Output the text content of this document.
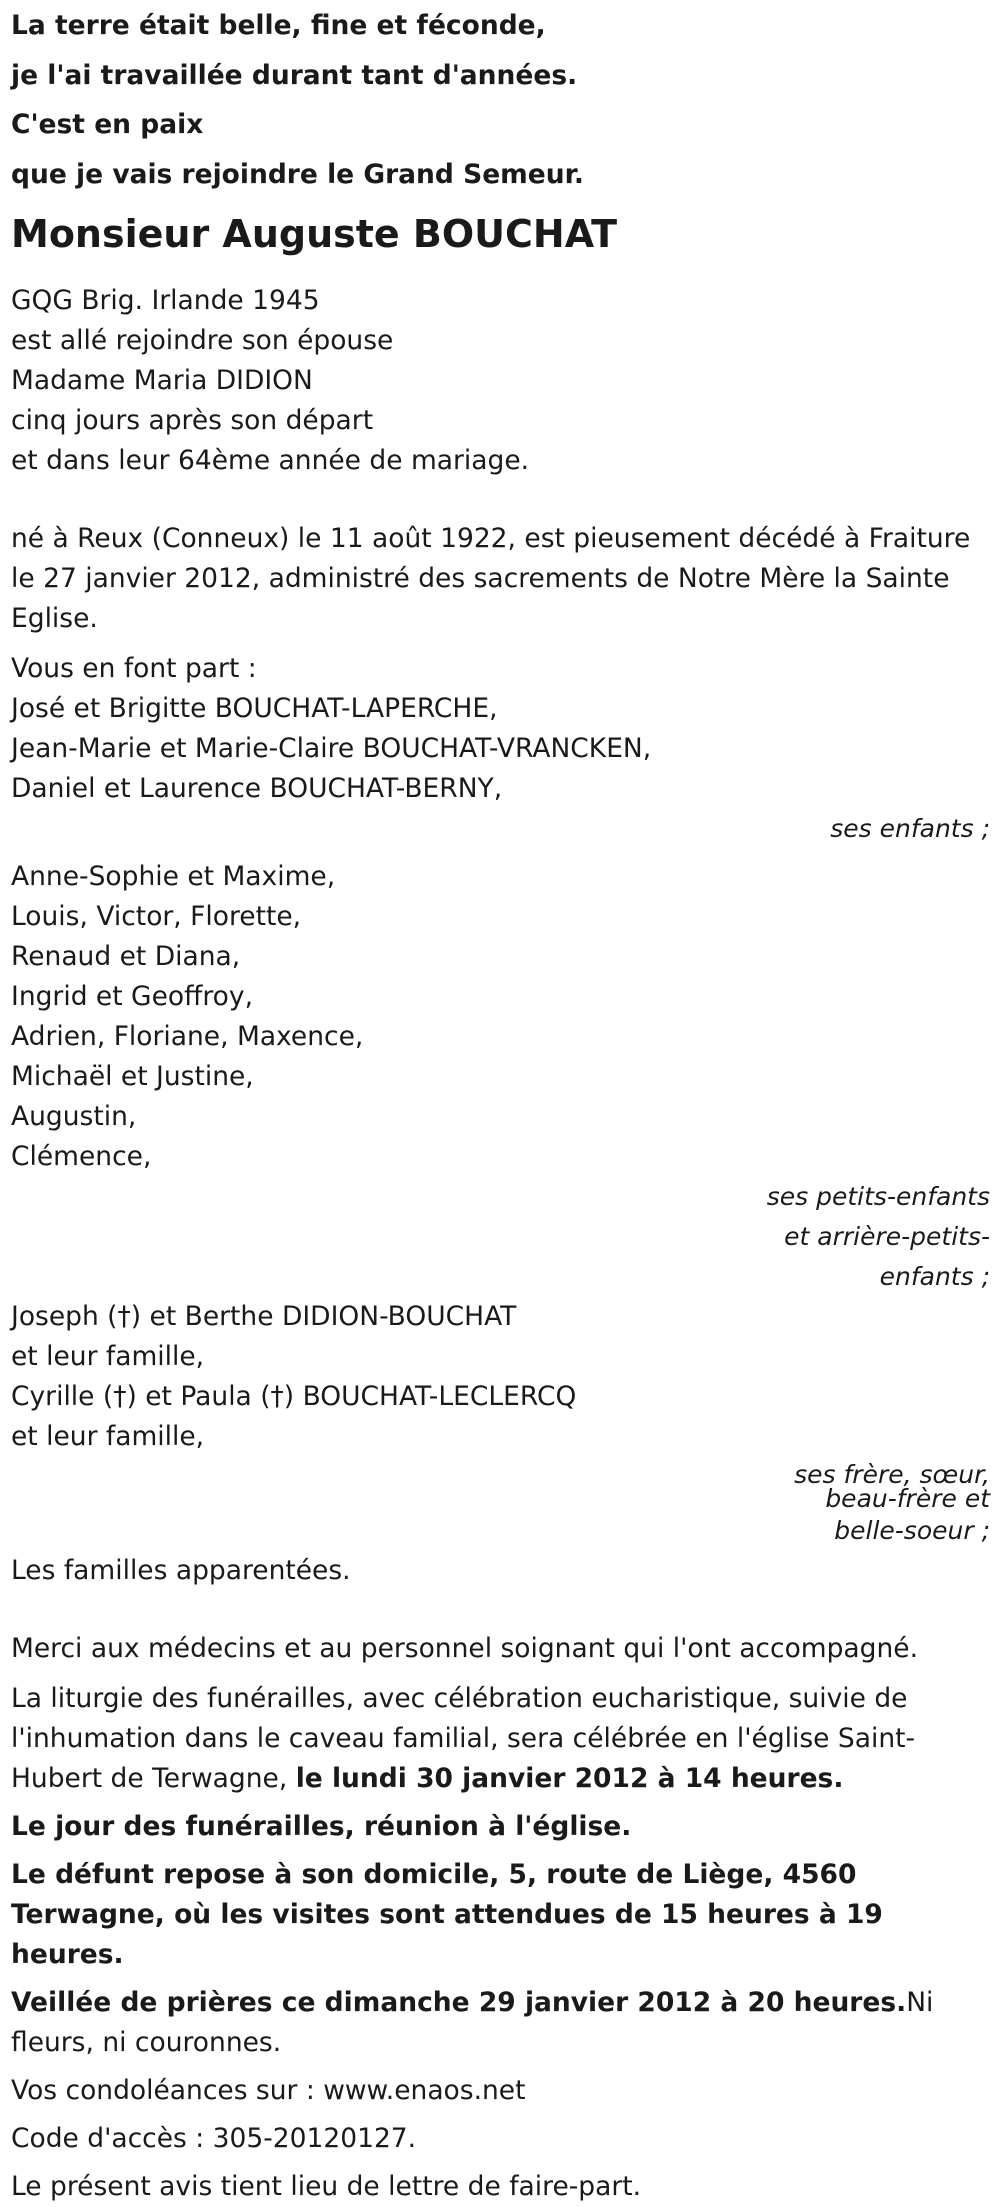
La terre était belle, fine et féconde,
je l'ai travaillée durant tant d'années.
C'est en paix
que je vais rejoindre le Grand Semeur.
Monsieur Auguste BOUCHAT
GQG Brig. Irlande 1945
est allé rejoindre son épouse
Madame Maria DIDION
cinq jours après son départ
et dans leur 64ème année de mariage.
né à Reux (Conneux) le 11 août 1922, est pieusement décédé à Fraiture le 27 janvier 2012, administré des sacrements de Notre Mère la Sainte Eglise.
Vous en font part :
José et Brigitte BOUCHAT-LAPERCHE,
Jean-Marie et Marie-Claire BOUCHAT-VRANCKEN,
Daniel et Laurence BOUCHAT-BERNY,
ses enfants ;
Anne-Sophie et Maxime,
Louis, Victor, Florette,
Renaud et Diana,
Ingrid et Geoffroy,
Adrien, Floriane, Maxence,
Michaël et Justine,
Augustin,
Clémence,
ses petits-enfants
et arrière-petits-
enfants ;
Joseph (†) et Berthe DIDION-BOUCHAT
et leur famille,
Cyrille (†) et Paula (†) BOUCHAT-LECLERCQ
et leur famille,
ses frère, sœur,
beau-frère et
belle-soeur ;
Les familles apparentées.
Merci aux médecins et au personnel soignant qui l'ont accompagné.
La liturgie des funérailles, avec célébration eucharistique, suivie de l'inhumation dans le caveau familial, sera célébrée en l'église Saint-Hubert de Terwagne, le lundi 30 janvier 2012 à 14 heures.
Le jour des funérailles, réunion à l'église.
Le défunt repose à son domicile, 5, route de Liège, 4560 Terwagne, où les visites sont attendues de 15 heures à 19 heures.
Veillée de prières ce dimanche 29 janvier 2012 à 20 heures.Ni fleurs, ni couronnes.
Vos condoléances sur : www.enaos.net
Code d'accès : 305-20120127.
Le présent avis tient lieu de lettre de faire-part.
